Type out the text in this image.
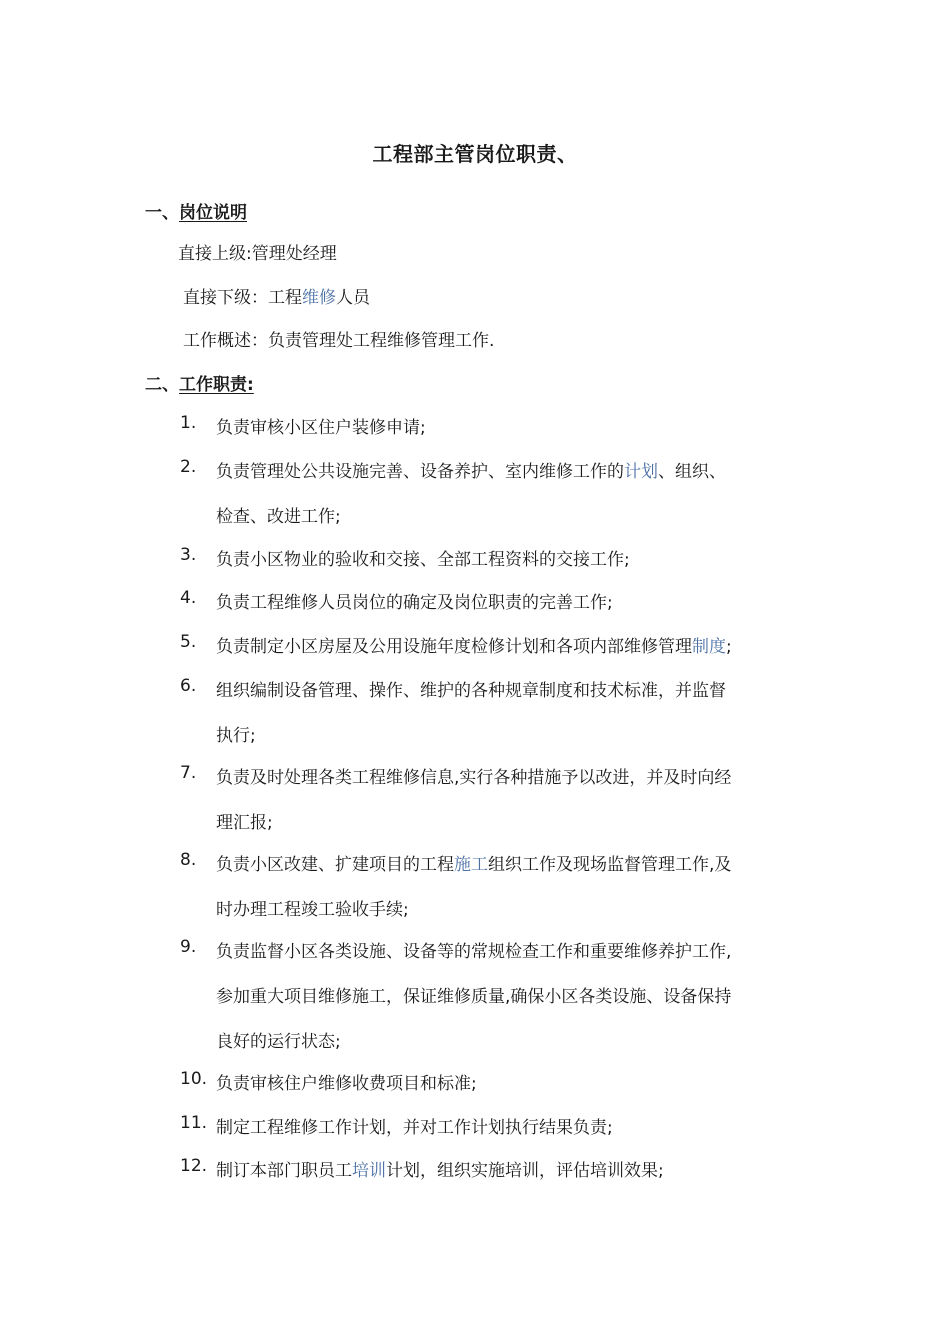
工程部主管岗位职责、
一、岗位说明
直接上级:管理处经理
直接下级：工程维修人员
工作概述：负责管理处工程维修管理工作.
二、工作职责:
1.	负责审核小区住户装修申请;
2.	负责管理处公共设施完善、设备养护、室内维修工作的计划、组织、
检查、改进工作;
3.	负责小区物业的验收和交接、全部工程资料的交接工作;
4.	负责工程维修人员岗位的确定及岗位职责的完善工作;
5.	负责制定小区房屋及公用设施年度检修计划和各项内部维修管理制度;
6.	组织编制设备管理、操作、维护的各种规章制度和技术标准，并监督
执行;
7.	负责及时处理各类工程维修信息,实行各种措施予以改进，并及时向经
理汇报;
8.	负责小区改建、扩建项目的工程施工组织工作及现场监督管理工作,及
时办理工程竣工验收手续;
9.	负责监督小区各类设施、设备等的常规检查工作和重要维修养护工作,
参加重大项目维修施工，保证维修质量,确保小区各类设施、设备保持
良好的运行状态;
10. 负责审核住户维修收费项目和标准;
11. 制定工程维修工作计划，并对工作计划执行结果负责;
12. 制订本部门职员工培训计划，组织实施培训，评估培训效果;
